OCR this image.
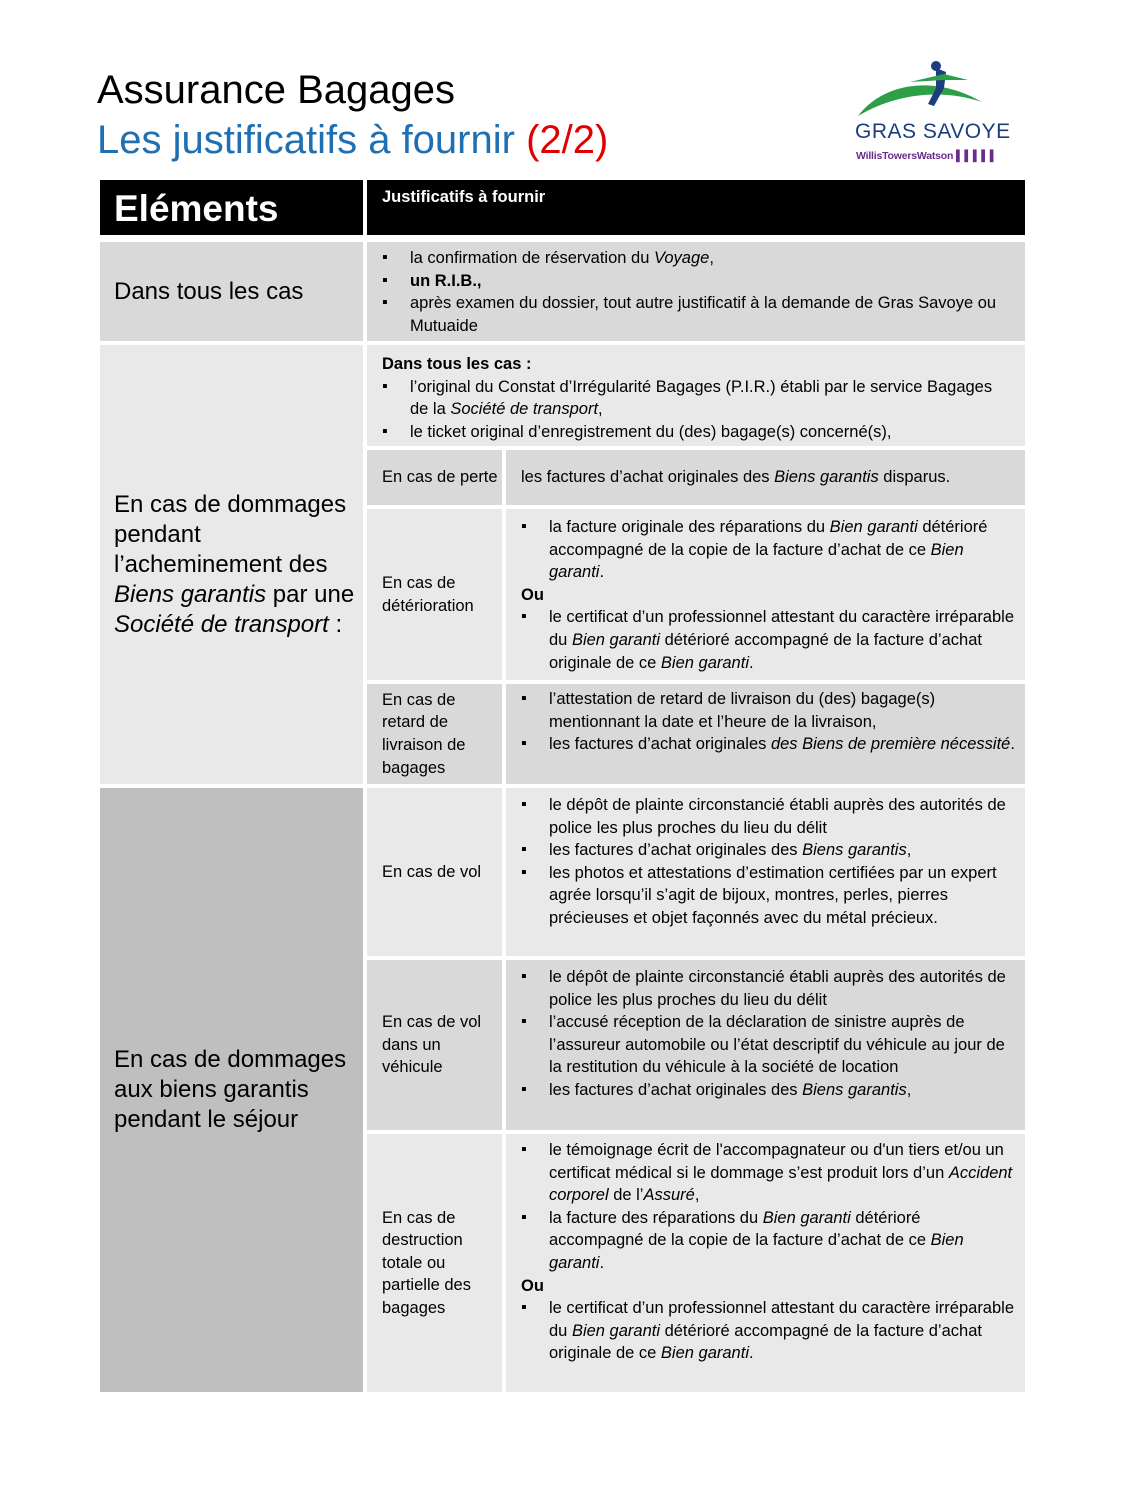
Assurance Bagages
Les justificatifs à fournir (2/2)	GRAS SAVOYE
WillisTowersWatson ▌▌▌▌▌
Eléments	Justificatifs à fournir
Dans tous les cas
▪ la confirmation de réservation du Voyage,
▪ un R.I.B.,
▪ après examen du dossier, tout autre justificatif à la demande de Gras Savoye ou Mutuaide
En cas de dommages pendant l’acheminement des Biens garantis par une Société de transport :
Dans tous les cas :
▪ l’original du Constat d’Irrégularité Bagages (P.I.R.) établi par le service Bagages de la Société de transport,
▪ le ticket original d’enregistrement du (des) bagage(s) concerné(s),
En cas de perte les factures d’achat originales des Biens garantis disparus.
En cas de détérioration
▪ la facture originale des réparations du Bien garanti détérioré accompagné de la copie de la facture d’achat de ce Bien garanti.
Ou
▪ le certificat d’un professionnel attestant du caractère irréparable du Bien garanti détérioré accompagné de la facture d’achat originale de ce Bien garanti.
En cas de retard de livraison de bagages
▪ l’attestation de retard de livraison du (des) bagage(s) mentionnant la date et l’heure de la livraison,
▪ les factures d’achat originales des Biens de première nécessité.
En cas de dommages aux biens garantis pendant le séjour
En cas de vol
▪ le dépôt de plainte circonstancié établi auprès des autorités de police les plus proches du lieu du délit
▪ les factures d’achat originales des Biens garantis,
▪ les photos et attestations d’estimation certifiées par un expert agrée lorsqu’il s’agit de bijoux, montres, perles, pierres précieuses et objet façonnés avec du métal précieux.
En cas de vol dans un véhicule
▪ le dépôt de plainte circonstancié établi auprès des autorités de police les plus proches du lieu du délit
▪ l’accusé réception de la déclaration de sinistre auprès de l’assureur automobile ou l’état descriptif du véhicule au jour de la restitution du véhicule à la société de location
▪ les factures d’achat originales des Biens garantis,
En cas de destruction totale ou partielle des bagages
▪ le témoignage écrit de l'accompagnateur ou d'un tiers et/ou un certificat médical si le dommage s’est produit lors d’un Accident corporel de l’Assuré,
▪ la facture des réparations du Bien garanti détérioré accompagné de la copie de la facture d’achat de ce Bien garanti.
Ou
▪ le certificat d’un professionnel attestant du caractère irréparable du Bien garanti détérioré accompagné de la facture d’achat originale de ce Bien garanti.
